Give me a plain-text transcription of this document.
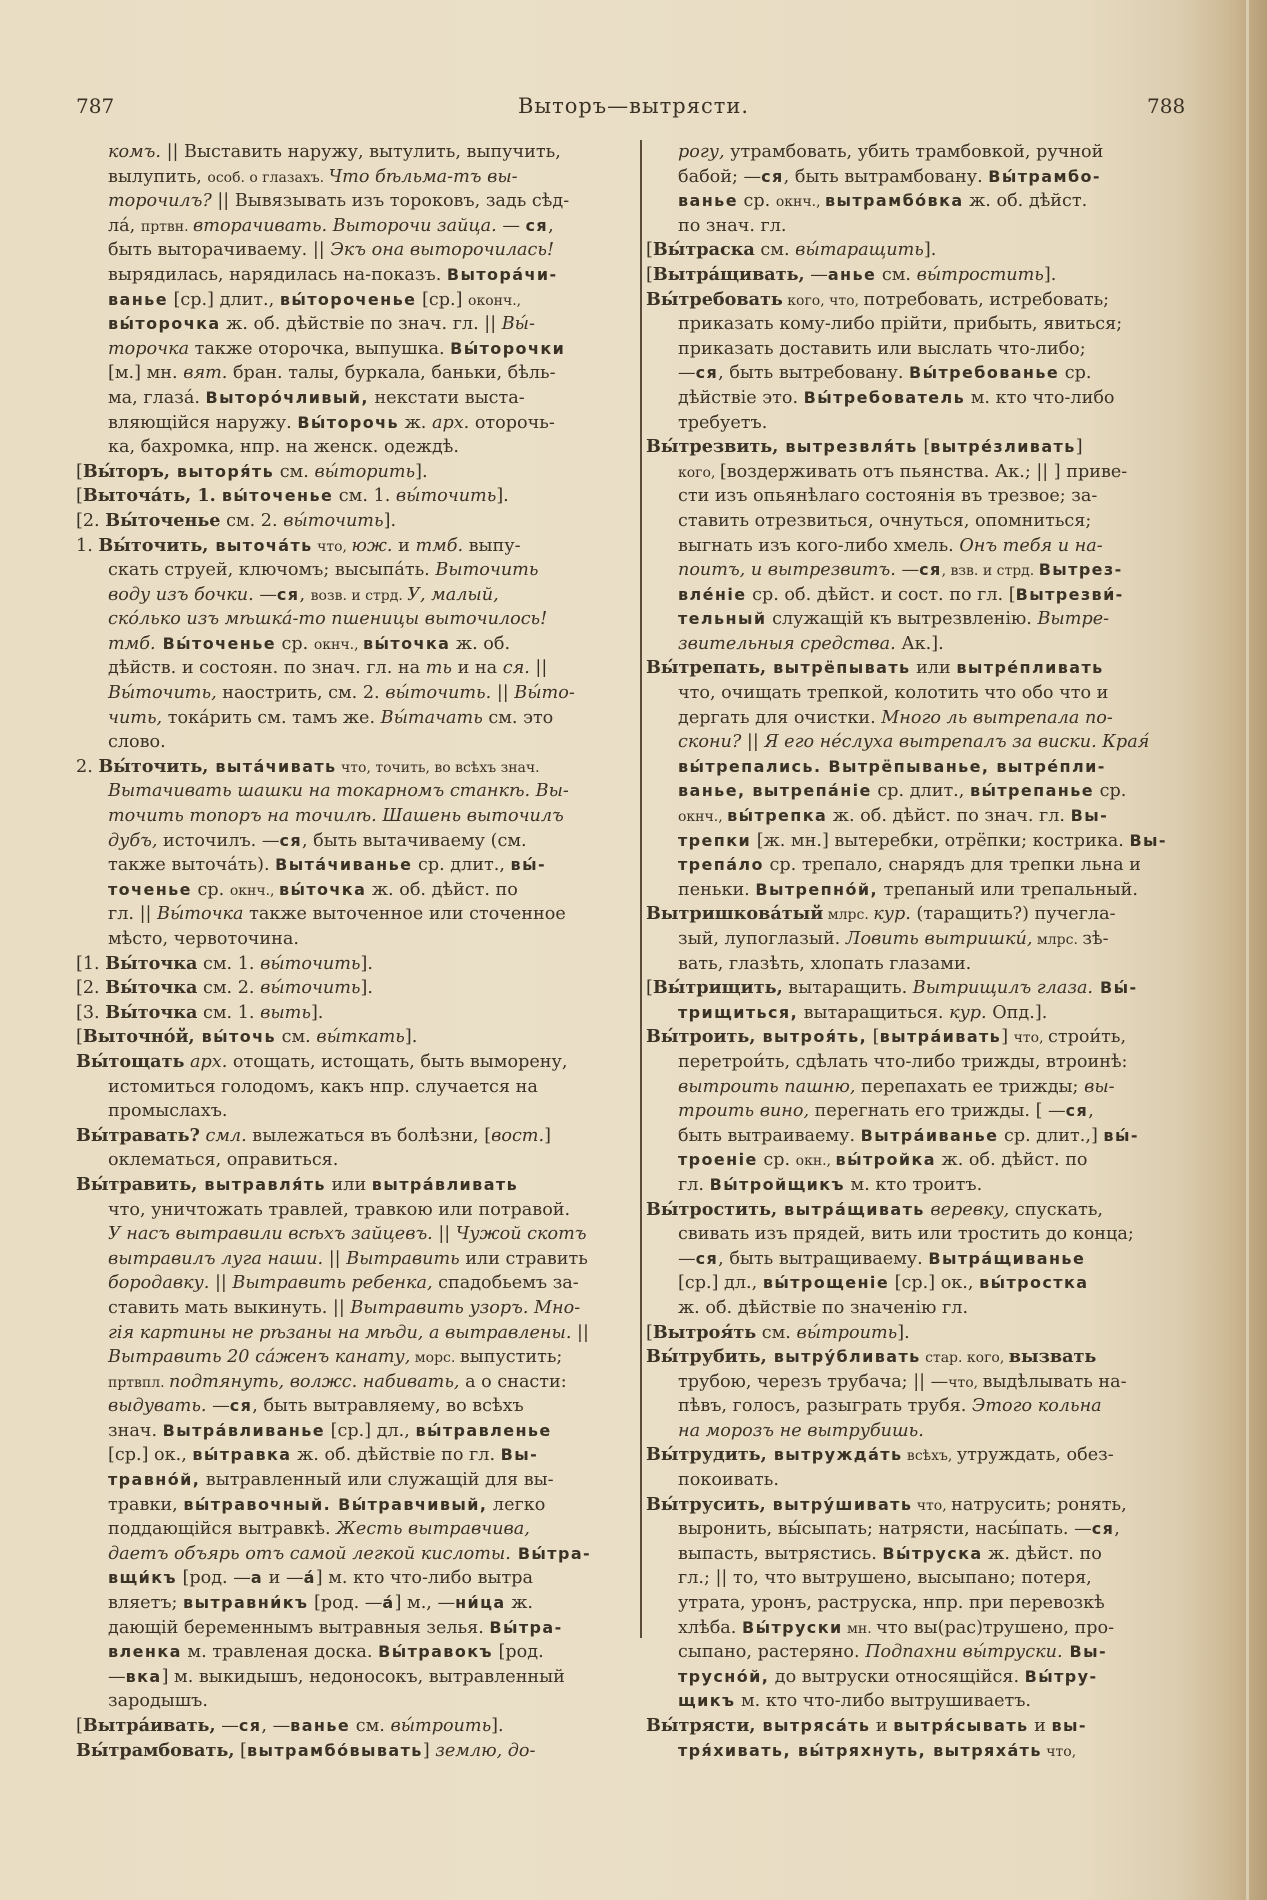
787	Выторъ—вытрясти.	788
комъ. || Выставить наружу, вытулить, выпучить,
вылупить, особ. о глазахъ. Что бѣльма-тъ вы-
торочилъ? || Вывязывать изъ тороковъ, задь сѣд-
ла́, пртвн. вторачивать. Выторочи зайца. — ся,
быть выторачиваему. || Экъ она выторочилась!
вырядилась, нарядилась на-показъ. Выторáчи-
ванье [ср.] длит., вы́тороченье [ср.] оконч.,
вы́торочка ж. об. дѣйствіе по знач. гл. || Вы́-
торочка также оторочка, выпушка. Вы́торочки
[м.] мн. вят. бран. талы, буркала, баньки, бѣль-
ма, глаза́. Выторо́чливый, некстати выста-
вляющійся наружу. Вы́торочь ж. арх. оторочь-
ка, бахромка, нпр. на женск. одеждѣ.
[Вы́торъ, выторя́ть см. вы́торить].
[Выточа́ть, 1. вы́точенье см. 1. вы́точить].
[2. Вы́точенье см. 2. вы́точить].
1. Вы́точить, выточа́ть что, юж. и тмб. выпу-
скать струей, ключомъ; высыпа́ть. Выточить
воду изъ бочки. —ся, возв. и стрд. У, малый,
ско́лько изъ мѣшка́-то пшеницы выточилось!
тмб. Вы́точенье ср. окнч., вы́точка ж. об.
дѣйств. и состоян. по знач. гл. на ть и на ся. ||
Вы́точить, наострить, см. 2. вы́точить. || Вы́то-
чить, тока́рить см. тамъ же. Вы́тачать см. это
слово.
2. Вы́точить, выта́чивать что, точить, во всѣхъ знач.
Вытачивать шашки на токарномъ станкѣ. Вы-
точить топоръ на точилѣ. Шашень выточилъ
дубъ, источилъ. —ся, быть вытачиваему (см.
также выточа́ть). Выта́чиванье ср. длит., вы́-
точенье ср. окнч., вы́точка ж. об. дѣйст. по
гл. || Вы́точка также выточенное или сточенное
мѣсто, червоточина.
[1. Вы́точка см. 1. вы́точить].
[2. Вы́точка см. 2. вы́точить].
[3. Вы́точка см. 1. выть].
[Выточно́й, вы́точь см. вы́ткать].
Вы́тощать арх. отощать, истощать, быть выморену,
истомиться голодомъ, какъ нпр. случается на
промыслахъ.
Вы́травать? смл. вылежаться въ болѣзни, [вост.]
оклематься, оправиться.
Вы́травить, вытравля́ть или вытра́вливать
что, уничтожать травлей, травкою или потравой.
У насъ вытравили всѣхъ зайцевъ. || Чужой скотъ
вытравилъ луга наши. || Вытравить или стравить
бородавку. || Вытравить ребенка, спадобьемъ за-
ставить мать выкинуть. || Вытравить узоръ. Мно-
гія картины не рѣзаны на мѣди, а вытравлены. ||
Вытравить 20 са́женъ канату, морс. выпустить;
пртвпл. подтянуть, волжс. набивать, а о снасти:
выдувать. —ся, быть вытравляему, во всѣхъ
знач. Вытра́вливанье [ср.] дл., вы́травленье
[ср.] ок., вы́травка ж. об. дѣйствіе по гл. Вы-
травно́й, вытравленный или служащій для вы-
травки, вы́травочный. Вы́травчивый, легко
поддающійся вытравкѣ. Жесть вытравчива,
даетъ объярь отъ самой легкой кислоты. Вы́тра-
вщи́къ [род. —а и —а́] м. кто что-либо вытра
вляетъ; вытравни́къ [род. —а́] м., —ни́ца ж.
дающій беременнымъ вытравныя зелья. Вы́тра-
вленка м. травленая доска. Вы́травокъ [род.
—вка] м. выкидышъ, недоносокъ, вытравленный
зародышъ.
[Вытра́ивать, —ся, —ванье см. вы́троить].
Вы́трамбовать, [вытрамбо́вывать] землю, до-
рогу, утрамбовать, убить трамбовкой, ручной
бабой; —ся, быть вытрамбовану. Вы́трамбо-
ванье ср. окнч., вытрамбо́вка ж. об. дѣйст.
по знач. гл.
[Вы́траска см. вы́таращить].
[Вытра́щивать, —анье см. вы́тростить].
Вы́требовать кого, что, потребовать, истребовать;
приказать кому-либо прійти, прибыть, явиться;
приказать доставить или выслать что-либо;
—ся, быть вытребовану. Вы́требованье ср.
дѣйствіе это. Вы́требователь м. кто что-либо
требуетъ.
Вы́трезвить, вытрезвля́ть [вытре́зливать]
кого, [воздерживать отъ пьянства. Ак.; || ] приве-
сти изъ опьянѣлаго состоянія въ трезвое; за-
ставить отрезвиться, очнуться, опомниться;
выгнать изъ кого-либо хмель. Онъ тебя и на-
поитъ, и вытрезвитъ. —ся, взв. и стрд. Вытрез-
вле́ніе ср. об. дѣйст. и сост. по гл. [Вытрезви́-
тельный служащій къ вытрезвленію. Вытре-
звительныя средства. Ак.].
Вы́трепать, вытрёпывать или вытре́пливать
что, очищать трепкой, колотить что обо что и
дергать для очистки. Много ль вытрепала по-
скони? || Я его не́слуха вытрепалъ за виски. Края́
вы́трепались. Вытрёпыванье, вытре́пли-
ванье, вытрепа́ніе ср. длит., вы́трепанье ср.
окнч., вы́трепка ж. об. дѣйст. по знач. гл. Вы-
трепки [ж. мн.] вытеребки, отрёпки; кострика. Вы-
трепа́ло ср. трепало, снарядъ для трепки льна и
пеньки. Вытрепно́й, трепаный или трепальный.
Вытришкова́тый млрс. кур. (таращить?) пучегла-
зый, лупоглазый. Ловить вытришки́, млрс. зѣ-
вать, глазѣть, хлопать глазами.
[Вы́трищить, вытаращить. Вытрищилъ глаза. Вы́-
трищиться, вытаращиться. кур. Опд.].
Вы́троить, вытроя́ть, [вытра́ивать] что, строи́ть,
перетрои́ть, сдѣлать что-либо трижды, втроинѣ:
вытроить пашню, перепахать ее трижды; вы-
троить вино, перегнать его трижды. [ —ся,
быть вытраиваему. Вытра́иванье ср. длит.,] вы́-
троеніе ср. окн., вы́тройка ж. об. дѣйст. по
гл. Вы́тройщикъ м. кто троитъ.
Вы́тростить, вытра́щивать веревку, спускать,
свивать изъ прядей, вить или тростить до конца;
—ся, быть вытращиваему. Вытра́щиванье
[ср.] дл., вы́трощеніе [ср.] ок., вы́тростка
ж. об. дѣйствіе по значенію гл.
[Вытроя́ть см. вы́троить].
Вы́трубить, вытру́бливать стар. кого, вызвать
трубою, черезъ трубача; || —что, выдѣлывать на-
пѣвъ, голосъ, разыграть трубя. Этого кольна
на морозъ не вытрубишь.
Вы́трудить, вытружда́ть всѣхъ, утруждать, обез-
покоивать.
Вы́трусить, вытру́шивать что, натрусить; ронять,
выронить, вы́сыпать; натрясти, насы́пать. —ся,
выпасть, вытрястись. Вы́труска ж. дѣйст. по
гл.; || то, что вытрушено, высыпано; потеря,
утрата, уронъ, раструска, нпр. при перевозкѣ
хлѣба. Вы́труски мн. что вы(рас)трушено, про-
сыпано, растеряно. Подпахни вы́труски. Вы-
трусно́й, до вытруски относящійся. Вы́тру-
щикъ м. кто что-либо вытрушиваетъ.
Вы́трясти, вытряса́ть и вытря́сывать и вы-
тря́хивать, вы́тряхнуть, вытряха́ть что,
